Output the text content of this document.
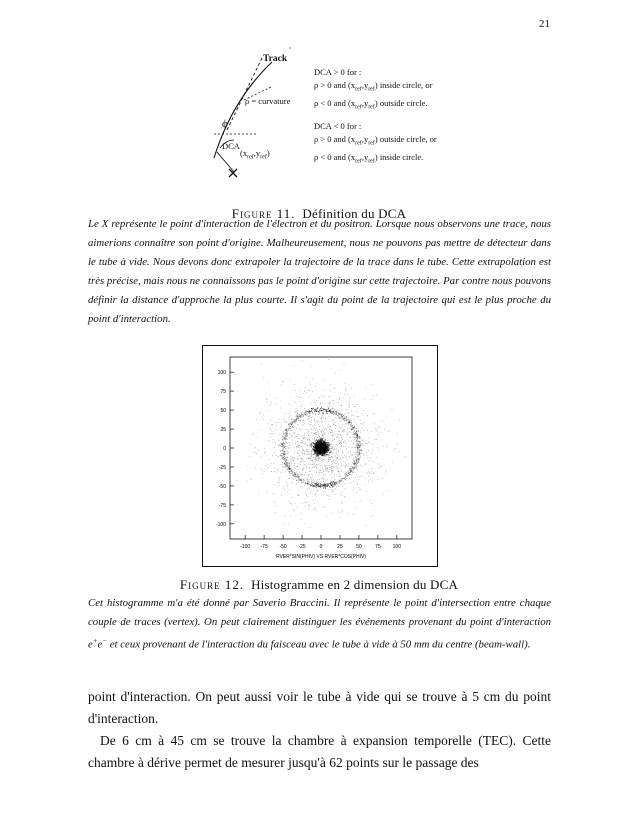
21
Track
ρ = curvature
ϕ
DCA
$(x_{ref},y_{ref})$
DCA > 0 for :
ρ > 0 and $(x_{ref},y_{ref})$ inside circle, or
ρ < 0 and $(x_{ref},y_{ref})$ outside circle.
DCA < 0 for :
ρ > 0 and $(x_{ref},y_{ref})$ outside circle, or
ρ < 0 and $(x_{ref},y_{ref})$ inside circle.
Figure 11. Définition du DCA
Le X représente le point d'interaction de l'électron et du positron. Lorsque nous observons une trace, nous aimerions connaître son point d'origine. Malheureusement, nous ne pouvons pas mettre de détecteur dans le tube à vide. Nous devons donc extrapoler la trajectoire de la trace dans le tube. Cette extrapolation est très précise, mais nous ne connaissons pas le point d'origine sur cette trajectoire. Par contre nous pouvons définir la distance d'approche la plus courte. Il s'agit du point de la trajectoire qui est le plus proche du point d'interaction.
100
75
50
25
0
-25
-50
-75
-100
-100 -75 -50 -25	0	25	50	75 100
RVER*SIN(PHIV) VS RVER*COS(PHIV)
Figure 12. Histogramme en 2 dimension du DCA
Cet histogramme m'a été donné par Saverio Braccini. Il représente le point d'intersection entre chaque couple de traces (vertex). On peut clairement distinguer les événements provenant du point d'interaction e+e− et ceux provenant de l'interaction du faisceau avec le tube à vide à 50 mm du centre (beam-wall).
point d'interaction. On peut aussi voir le tube à vide qui se trouve à 5 cm du point d'interaction.
De 6 cm à 45 cm se trouve la chambre à expansion temporelle (TEC). Cette chambre à dérive permet de mesurer jusqu'à 62 points sur le passage des
